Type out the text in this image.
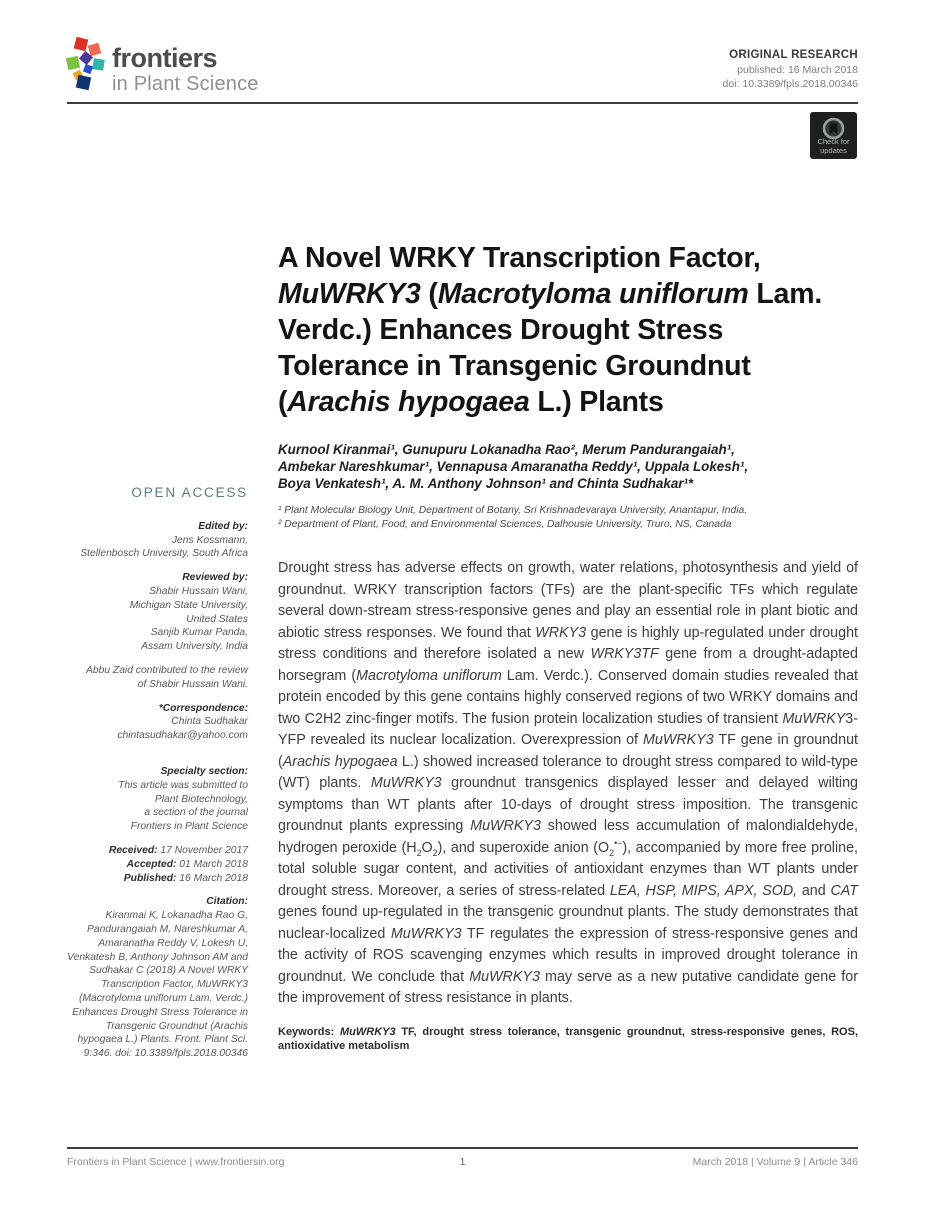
frontiers
in Plant Science
ORIGINAL RESEARCH
published: 16 March 2018
doi: 10.3389/fpls.2018.00346
Check for
updates
OPEN ACCESS
Edited by:
Jens Kossmann,
Stellenbosch University, South Africa
Reviewed by:
Shabir Hussain Wani,
Michigan State University,
United States
Sanjib Kumar Panda,
Assam University, India
Abbu Zaid contributed to the review
of Shabir Hussain Wani.
*Correspondence:
Chinta Sudhakar
chintasudhakar@yahoo.com
Specialty section:
This article was submitted to
Plant Biotechnology,
a section of the journal
Frontiers in Plant Science
Received: 17 November 2017
Accepted: 01 March 2018
Published: 16 March 2018
Citation:
Kiranmai K, Lokanadha Rao G, Pandurangaiah M, Nareshkumar A, Amaranatha Reddy V, Lokesh U, Venkatesh B, Anthony Johnson AM and Sudhakar C (2018) A Novel WRKY Transcription Factor, MuWRKY3 (Macrotyloma uniflorum Lam. Verdc.) Enhances Drought Stress Tolerance in Transgenic Groundnut (Arachis hypogaea L.) Plants. Front. Plant Sci. 9:346. doi: 10.3389/fpls.2018.00346
A Novel WRKY Transcription Factor, MuWRKY3 (Macrotyloma uniflorum Lam. Verdc.) Enhances Drought Stress Tolerance in Transgenic Groundnut (Arachis hypogaea L.) Plants
Kurnool Kiranmai¹, Gunupuru Lokanadha Rao², Merum Pandurangaiah¹,
Ambekar Nareshkumar¹, Vennapusa Amaranatha Reddy¹, Uppala Lokesh¹,
Boya Venkatesh¹, A. M. Anthony Johnson¹ and Chinta Sudhakar¹*
¹ Plant Molecular Biology Unit, Department of Botany, Sri Krishnadevaraya University, Anantapur, India,
² Department of Plant, Food, and Environmental Sciences, Dalhousie University, Truro, NS, Canada

Drought stress has adverse effects on growth, water relations, photosynthesis and yield of groundnut. WRKY transcription factors (TFs) are the plant-specific TFs which regulate several down-stream stress-responsive genes and play an essential role in plant biotic and abiotic stress responses. We found that WRKY3 gene is highly up-regulated under drought stress conditions and therefore isolated a new WRKY3TF gene from a drought-adapted horsegram (Macrotyloma uniflorum Lam. Verdc.). Conserved domain studies revealed that protein encoded by this gene contains highly conserved regions of two WRKY domains and two C2H2 zinc-finger motifs. The fusion protein localization studies of transient MuWRKY3-YFP revealed its nuclear localization. Overexpression of MuWRKY3 TF gene in groundnut (Arachis hypogaea L.) showed increased tolerance to drought stress compared to wild-type (WT) plants. MuWRKY3 groundnut transgenics displayed lesser and delayed wilting symptoms than WT plants after 10-days of drought stress imposition. The transgenic groundnut plants expressing MuWRKY3 showed less accumulation of malondialdehyde, hydrogen peroxide $(H_2O_2)$, and superoxide anion $(O_2^{•-})$, accompanied by more free proline, total soluble sugar content, and activities of antioxidant enzymes than WT plants under drought stress. Moreover, a series of stress-related LEA, HSP, MIPS, APX, SOD, and CAT genes found up-regulated in the transgenic groundnut plants. The study demonstrates that nuclear-localized MuWRKY3 TF regulates the expression of stress-responsive genes and the activity of ROS scavenging enzymes which results in improved drought tolerance in groundnut. We conclude that MuWRKY3 may serve as a new putative candidate gene for the improvement of stress resistance in plants.

Keywords: MuWRKY3 TF, drought stress tolerance, transgenic groundnut, stress-responsive genes, ROS, antioxidative metabolism

Frontiers in Plant Science | www.frontiersin.org	1	March 2018 | Volume 9 | Article 346
